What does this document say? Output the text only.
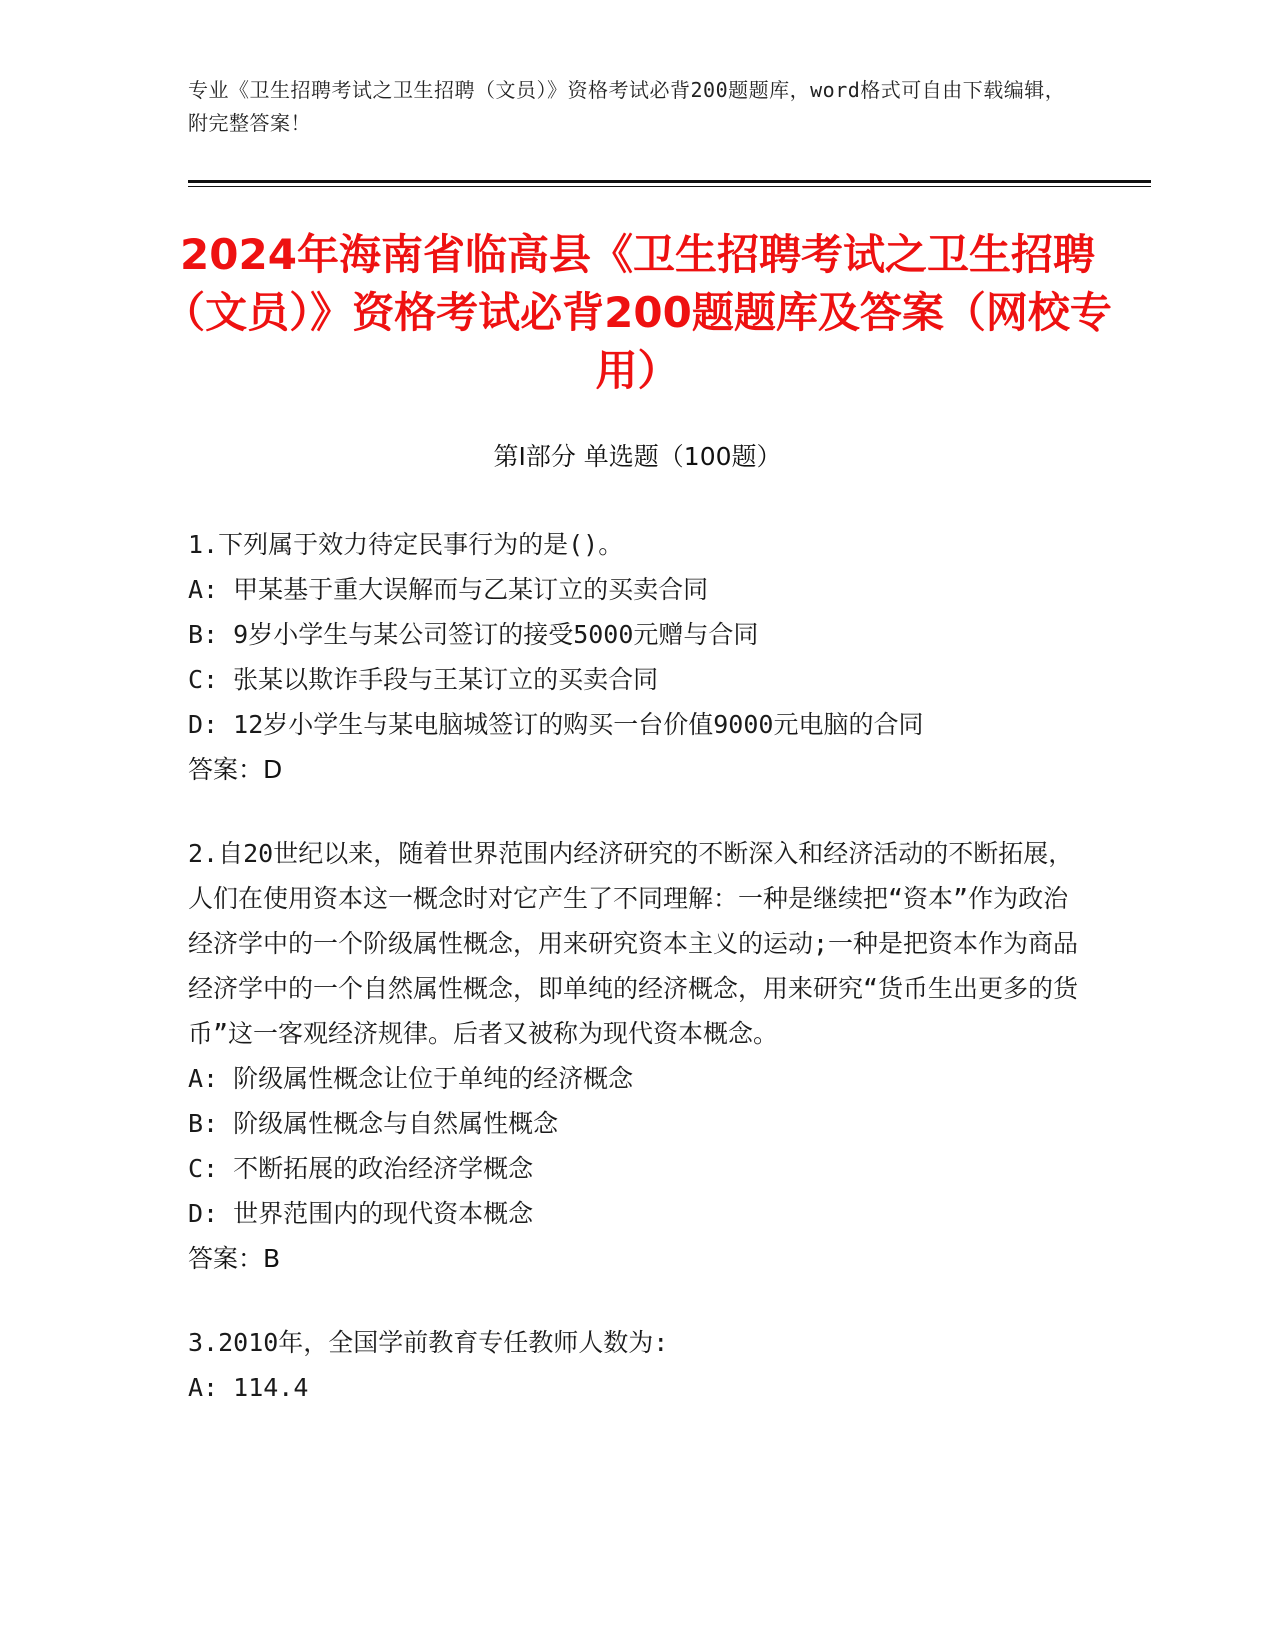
专业《卫生招聘考试之卫生招聘（文员）》资格考试必背200题题库，word格式可自由下载编辑，附完整答案！
2024年海南省临高县《卫生招聘考试之卫生招聘（文员）》资格考试必背200题题库及答案（网校专用）
第I部分 单选题（100题）

1.下列属于效力待定民事行为的是()。

A: 甲某基于重大误解而与乙某订立的买卖合同

B: 9岁小学生与某公司签订的接受5000元赠与合同

C: 张某以欺诈手段与王某订立的买卖合同

D: 12岁小学生与某电脑城签订的购买一台价值9000元电脑的合同

答案：D

2.自20世纪以来，随着世界范围内经济研究的不断深入和经济活动的不断拓展，人们在使用资本这一概念时对它产生了不同理解：一种是继续把“资本”作为政治经济学中的一个阶级属性概念，用来研究资本主义的运动;一种是把资本作为商品经济学中的一个自然属性概念，即单纯的经济概念，用来研究“货币生出更多的货币”这一客观经济规律。后者又被称为现代资本概念。

A: 阶级属性概念让位于单纯的经济概念

B: 阶级属性概念与自然属性概念

C: 不断拓展的政治经济学概念

D: 世界范围内的现代资本概念

答案：B

3.2010年，全国学前教育专任教师人数为:

A: 114.4
